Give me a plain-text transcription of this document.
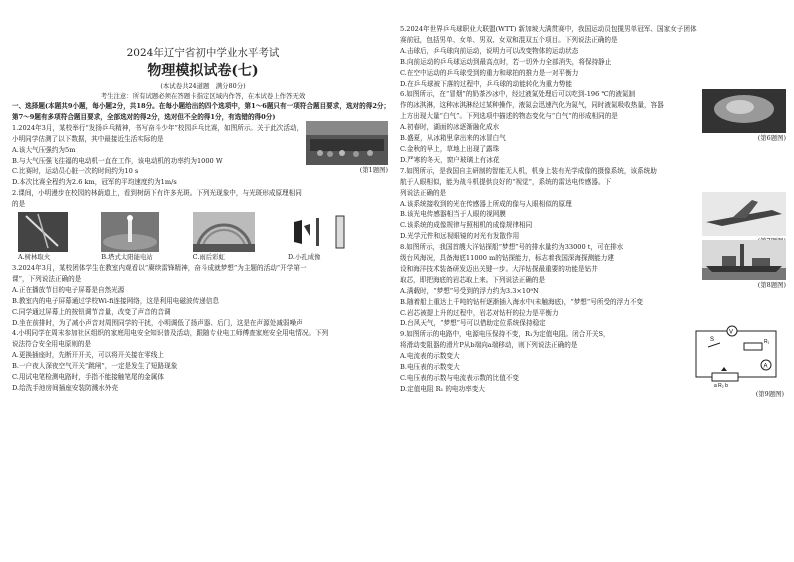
2024年辽宁省初中学业水平考试

物理模拟试卷(七)

(本试卷共24道题　满分80分)

考生注意：所有试题必须在答题卡指定区域内作答，在本试卷上作答无效

一、选择题(本题共9小题，每小题2分，共18分。在每小题给出的四个选项中，第1～6题只有一项符合题目要求，选对的得2分；第7～9题有多项符合题目要求，全部选对的得2分，选对但不全的得1分，有选错的得0分)

1.2024年3月，某校举行“发扬乒乓精神，书写奋斗少年”校园乒乓比赛，如图所示。关于此次活动，

小明同学估测了以下数据，其中最接近生活实际的是

A.该大气压强约为5m

B.与大气压强飞往福的电动机一直在工作，该电动机的功率约为1000 W

C.比赛时，运动员心脏一次的时间约为10 s

D.本次比赛全程约为2.6 km，冠军的平均速度约为1m/s

(第1题图)

2.课间，小明漫步在校园的林荫道上，看到树荫下有许多光斑。下列光现象中，与光斑形成原理相同

的是

A.树林取火	B.塔式太阳能电站	C.雨后彩虹	D.小孔成像

3.2024年3月，某校团体学生在教室内观看以“赓续雷锋精神，奋斗成就梦想”为主题的活动“开学第一

课”，下列说法正确的是

A.正在播放节目的电子屏幕是自然光源

B.教室内的电子屏幕通过学校Wi-fi连接网络，这是利用电磁波传递信息

C.同学通过屏幕上的按钮调节音量，改变了声音的音调

D.坐在前排时，为了减小声音对周围同学的干扰，小明调低了扬声器、后门，这是在声源处减弱噪声

4.小明同学在周末参加社区组织的家庭用电安全知识普及活动，跟随专业电工师傅查家庭安全用电情况。下列

说法符合安全用电原则的是

A.更换插座时，先断开开关，可以将开关接在零线上

B.一户夜人深夜空气开关“跳闸”，一定是发生了短路现象

C.用试电笔检测电路时，手指不能接触笔尾的金属体

D.给洗手池房间插座安装防溅水外壳

5.2024年世界乒乓球职业大联盟(WTT) 新加坡大满贯赛中，我国运动员包揽男单冠军、国家女子团体

赛前冠，包括男单、女单、男双、女双和混双五个项目。下列说法正确的是

A.击球后，乒乓球向前运动，说明力可以改变物体的运动状态

B.向前运动的乒乓球运动到最高点时，若一切外力全部消失，将保持静止

C.在空中运动的乒乓球受到的重力和球拍的推力是一对平衡力

D.在乒乓球被下落的过程中，乒乓球的动能转化为重力势能

6.如图所示，在“冒烟”的奶茶沙冰中，经过液氮处理后可以吃到-196 ℃的液氮制

作的冰淇淋，这种冰淇淋经过某种操作，液氮会迅速汽化为氮气，同时液氮吸收热量，容器

上方出现大量“白气”。下列选项中描述的物态变化与“白气”的形成相同的是

A.初春时，湖面的冰逐渐融化成水

B.盛夏，从冰箱里拿出来的冰冒白气

C.金秋的早上，草地上出现了露珠

D.严寒的冬天，窗户玻璃上有冰花

(第6题图)

7.如图所示，是我国自主研制的智能无人机，机身上装有光学成像的摄像系统，该系统助

航于人眼相似，能为战斗机提供良好的“视觉”，系统的雷达电传感器。下

列说法正确的是

A.该系统接收到的光在传感器上所成的像与人眼相似的原理

B.该光电传感器相当于人眼的视网膜

C.该系统的成像规律与照相机的成像规律相同

D.光学元件和远视眼镜的对光有发散作用

8.如图所示，我国首艘大洋钻探船“梦想”号的排水量约为33000 t，可在排水

级台风海况，具备海底11000 m的钻探能力，标志着我国深海探测能力建

设和海洋技术装备研发迈出关键一步。大洋钻探最重要的功能是钻井

取芯，即把海底的岩芯取上来。下列说法正确的是

A.满载时，“梦想”号受到的浮力约为3.3×10⁸N

B.随着船上重达上千吨的钻杆逐渐插入海水中(未触海底)，“梦想”号所受的浮力不变

C.岩芯被提上升的过程中，岩芯对钻杆的拉力是平衡力

D.台风天气，“梦想”号可以借助定位系统保持稳定

(第8题图)

9.如图所示的电路中，电源电压保持不变，R₁为定值电阻。闭合开关S，

将滑动变阻器的滑片P从b端向a端移动，则下列说法正确的是

A.电流表的示数变大

B.电压表的示数变大

C.电压表的示数与电流表示数的比值不变

D.定值电阻 R₁ 的电功率变大

V
S	R₁
A
a R₂ b

(第9题图)
